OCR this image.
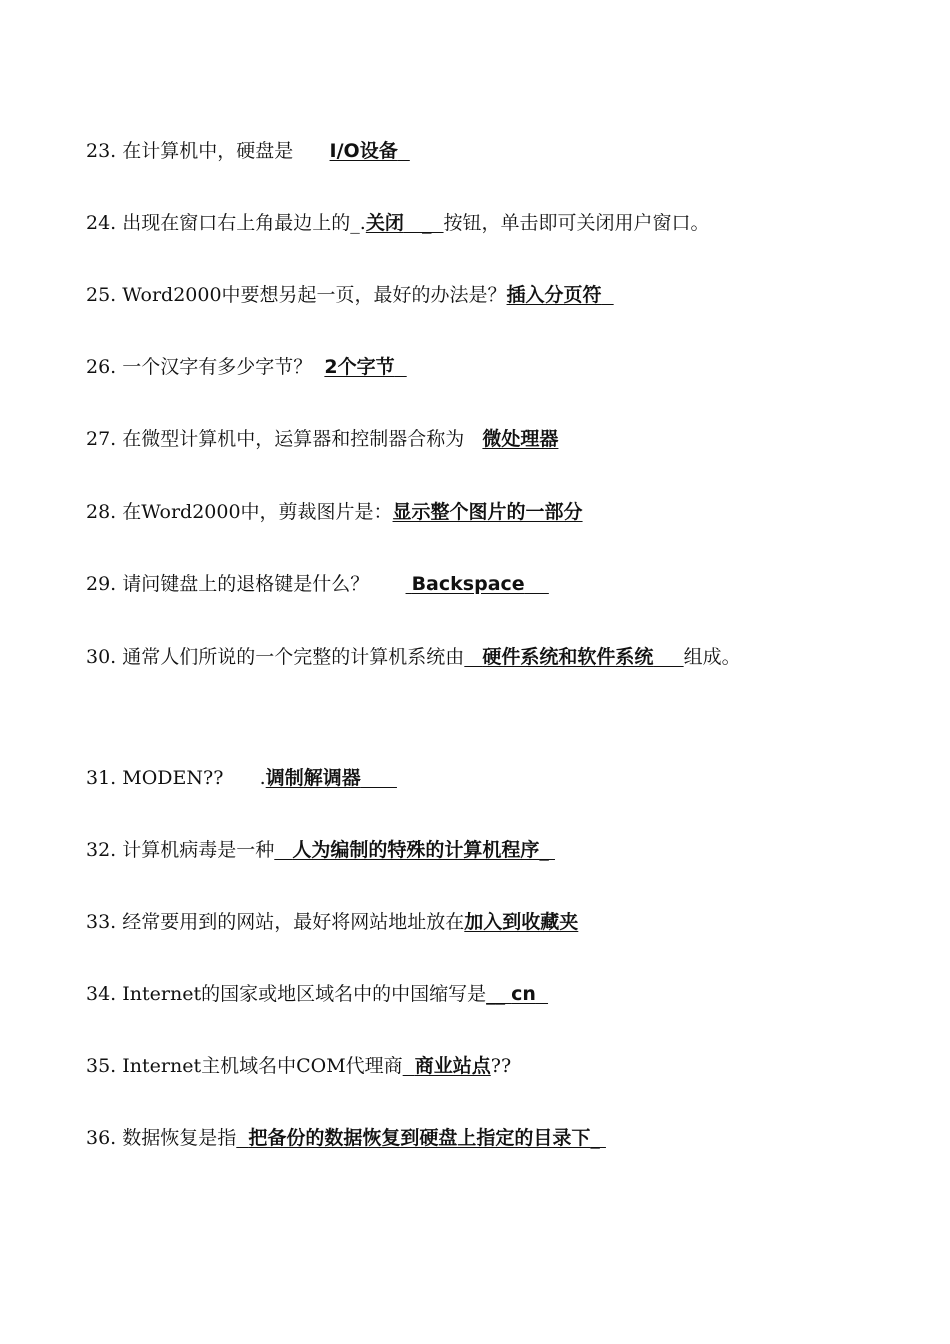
23. 在计算机中，硬盘是 I/O设备
24. 出现在窗口右上角最边上的_.关闭   _  按钮，单击即可关闭用户窗口。
25. Word2000中要想另起一页，最好的办法是？插入分页符
26. 一个汉字有多少字节？ 2个字节
27. 在微型计算机中，运算器和控制器合称为 微处理器
28. 在Word2000中，剪裁图片是：显示整个图片的一部分
29. 请问键盘上的退格键是什么？ Backspace
30. 通常人们所说的一个完整的计算机系统由 硬件系统和软件系统 组成。
31. MODEN??      .调制解调器
32. 计算机病毒是一种 人为编制的特殊的计算机程序_
33. 经常要用到的网站，最好将网站地址放在加入到收藏夹
34. Internet的国家或地区域名中的中国缩写是__ cn
35. Internet主机域名中COM代理商 商业站点??
36. 数据恢复是指 把备份的数据恢复到硬盘上指定的目录下_
